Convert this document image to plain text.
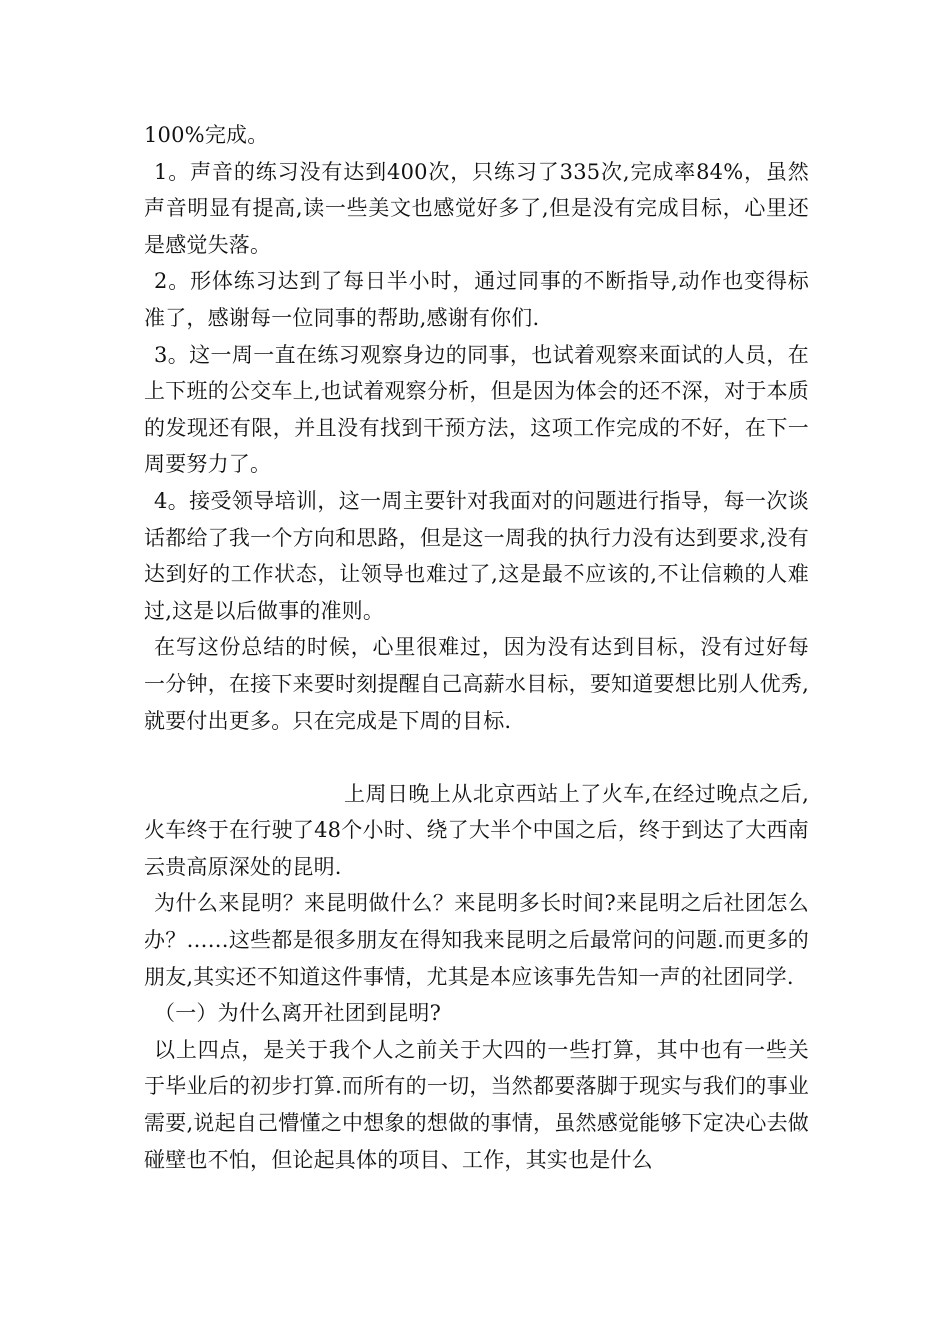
100%完成。

1。声音的练习没有达到400次，只练习了335次,完成率84%，虽然声音明显有提高,读一些美文也感觉好多了,但是没有完成目标，心里还是感觉失落。

2。形体练习达到了每日半小时，通过同事的不断指导,动作也变得标准了，感谢每一位同事的帮助,感谢有你们.

3。这一周一直在练习观察身边的同事，也试着观察来面试的人员，在上下班的公交车上,也试着观察分析，但是因为体会的还不深，对于本质的发现还有限，并且没有找到干预方法，这项工作完成的不好，在下一周要努力了。

4。接受领导培训，这一周主要针对我面对的问题进行指导，每一次谈话都给了我一个方向和思路，但是这一周我的执行力没有达到要求,没有达到好的工作状态，让领导也难过了,这是最不应该的,不让信赖的人难过,这是以后做事的准则。

在写这份总结的时候，心里很难过，因为没有达到目标，没有过好每一分钟，在接下来要时刻提醒自己高薪水目标，要知道要想比别人优秀,就要付出更多。只在完成是下周的目标.

上周日晚上从北京西站上了火车,在经过晚点之后,火车终于在行驶了48个小时、绕了大半个中国之后，终于到达了大西南云贵高原深处的昆明.

为什么来昆明？来昆明做什么？来昆明多长时间?来昆明之后社团怎么办？……这些都是很多朋友在得知我来昆明之后最常问的问题.而更多的朋友,其实还不知道这件事情，尤其是本应该事先告知一声的社团同学.

（一）为什么离开社团到昆明?

以上四点，是关于我个人之前关于大四的一些打算，其中也有一些关于毕业后的初步打算.而所有的一切，当然都要落脚于现实与我们的事业需要,说起自己懵懂之中想象的想做的事情，虽然感觉能够下定决心去做碰壁也不怕，但论起具体的项目、工作，其实也是什么
